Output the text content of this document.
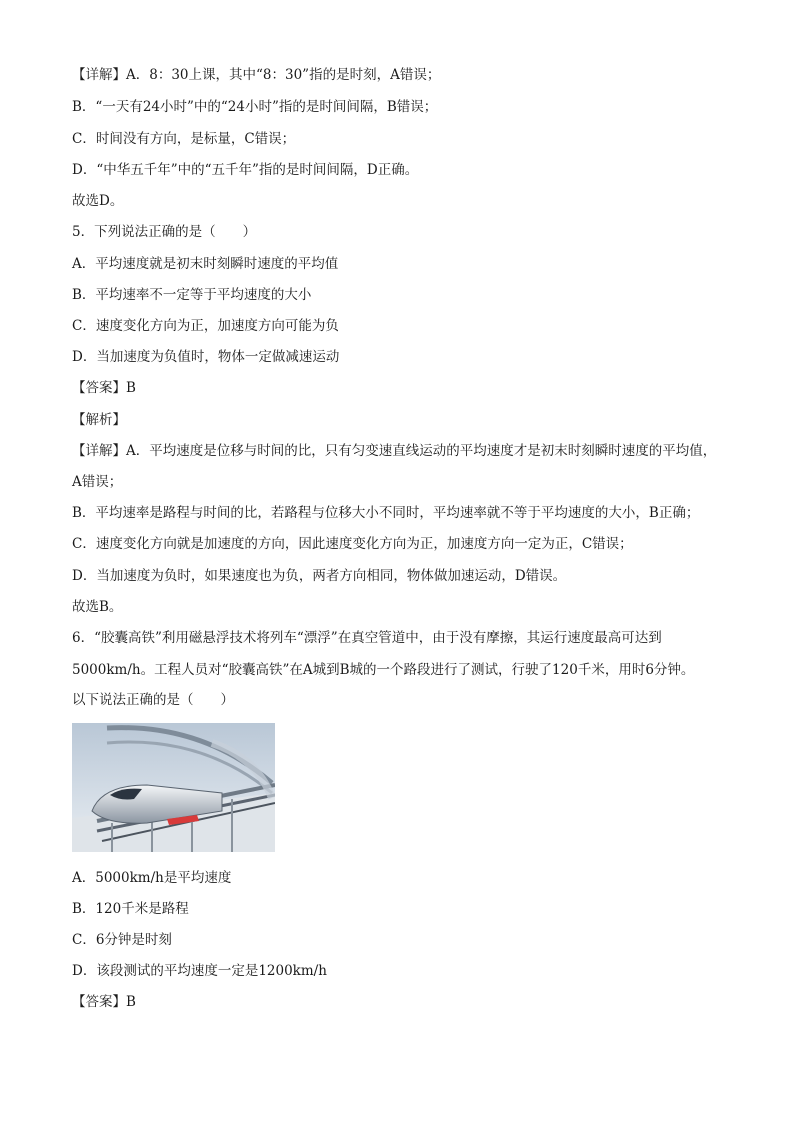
【详解】A．8：30上课，其中“8：30”指的是时刻，A错误；
B．“一天有24小时”中的“24小时”指的是时间间隔，B错误；
C．时间没有方向，是标量，C错误；
D．“中华五千年”中的“五千年”指的是时间间隔，D正确。
故选D。
5．下列说法正确的是（　　）
A．平均速度就是初末时刻瞬时速度的平均值
B．平均速率不一定等于平均速度的大小
C．速度变化方向为正，加速度方向可能为负
D．当加速度为负值时，物体一定做减速运动
【答案】B
【解析】
【详解】A．平均速度是位移与时间的比，只有匀变速直线运动的平均速度才是初末时刻瞬时速度的平均值，
A错误；
B．平均速率是路程与时间的比，若路程与位移大小不同时，平均速率就不等于平均速度的大小，B正确；
C．速度变化方向就是加速度的方向，因此速度变化方向为正，加速度方向一定为正，C错误；
D．当加速度为负时，如果速度也为负，两者方向相同，物体做加速运动，D错误。
故选B。
6．“胶囊高铁”利用磁悬浮技术将列车“漂浮”在真空管道中，由于没有摩擦，其运行速度最高可达到
5000km/h。工程人员对“胶囊高铁”在A城到B城的一个路段进行了测试，行驶了120千米，用时6分钟。
以下说法正确的是（　　）
A．5000km/h是平均速度
B．120千米是路程
C．6分钟是时刻
D．该段测试的平均速度一定是1200km/h
【答案】B
